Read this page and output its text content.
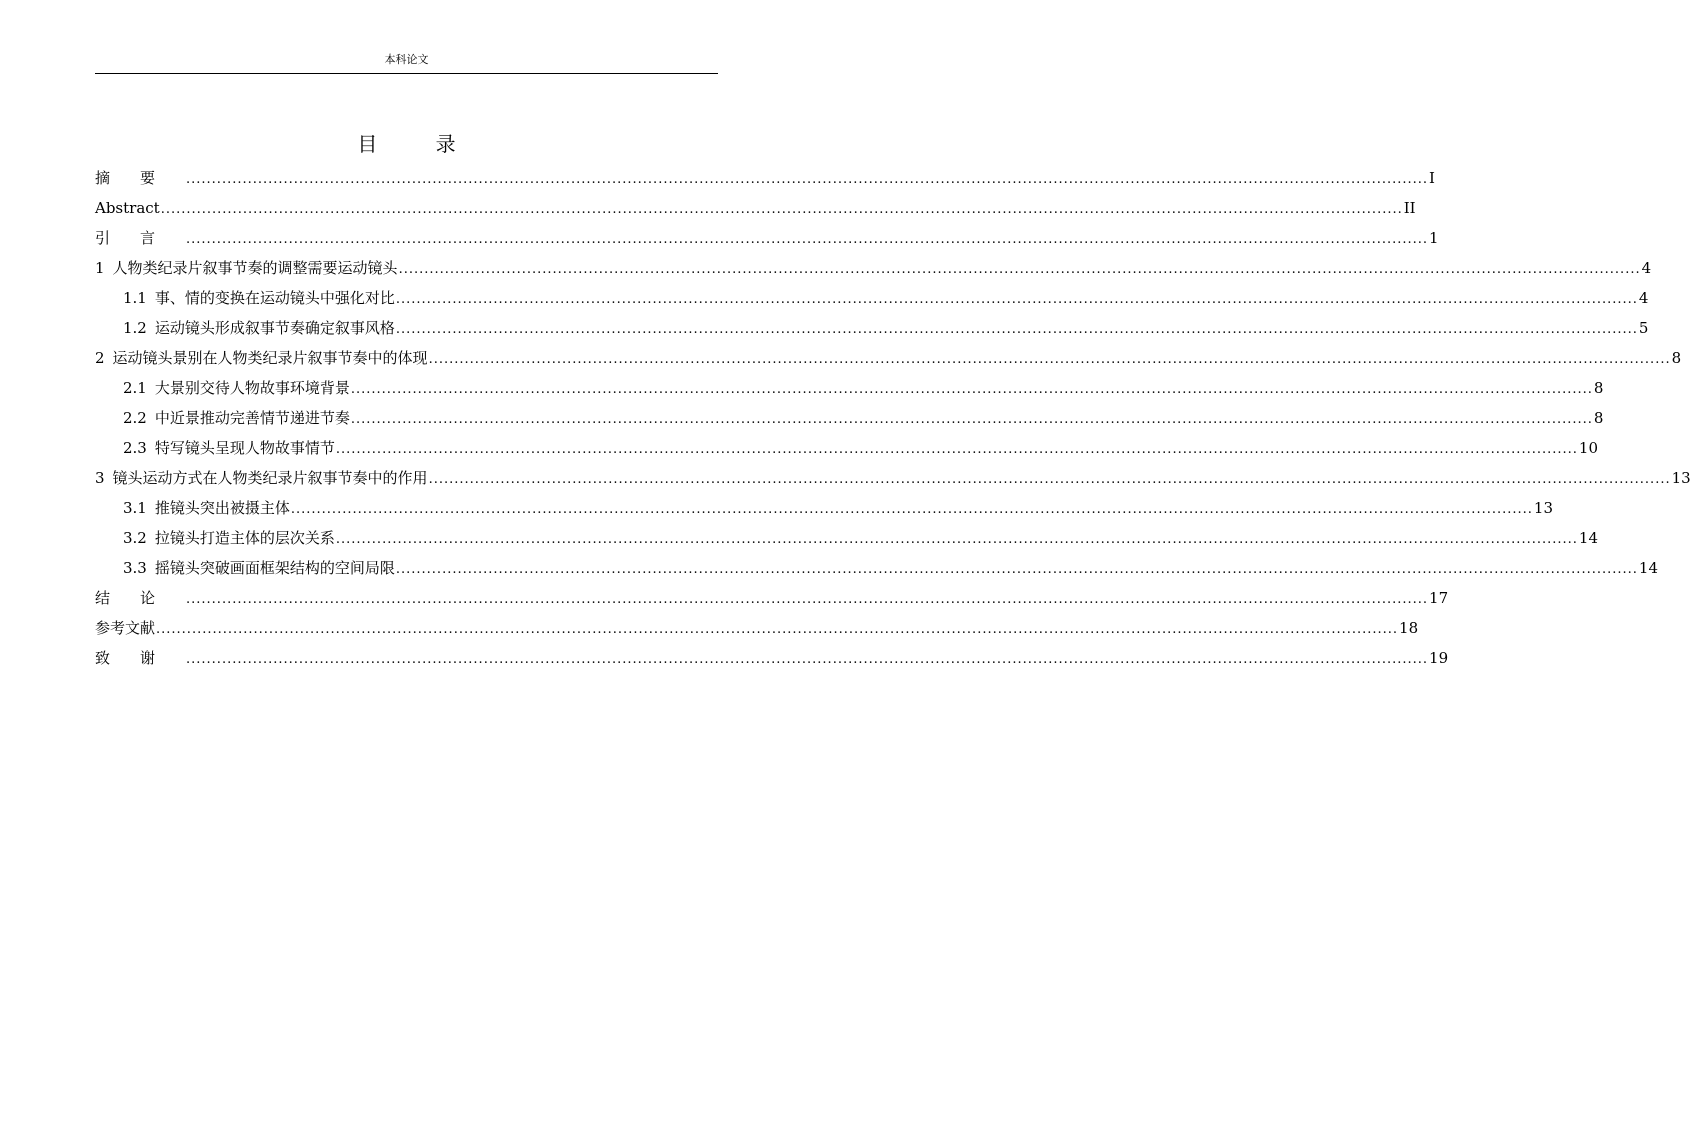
本科论文
目 录
摘要 .................................................................................................................................................................................................................................................. I
Abstract .................................................................................................................................................................................................................................................. II
引言 .................................................................................................................................................................................................................................................. 1
1 人物类纪录片叙事节奏的调整需要运动镜头 .................................................................................................................................................................................................................................................. 4
1.1 事、情的变换在运动镜头中强化对比 .................................................................................................................................................................................................................................................. 4
1.2 运动镜头形成叙事节奏确定叙事风格 .................................................................................................................................................................................................................................................. 5
2 运动镜头景别在人物类纪录片叙事节奏中的体现 .................................................................................................................................................................................................................................................. 8
2.1 大景别交待人物故事环境背景 .................................................................................................................................................................................................................................................. 8
2.2 中近景推动完善情节递进节奏 .................................................................................................................................................................................................................................................. 8
2.3 特写镜头呈现人物故事情节 .................................................................................................................................................................................................................................................. 10
3 镜头运动方式在人物类纪录片叙事节奏中的作用 .................................................................................................................................................................................................................................................. 13
3.1 推镜头突出被摄主体 .................................................................................................................................................................................................................................................. 13
3.2 拉镜头打造主体的层次关系 .................................................................................................................................................................................................................................................. 14
3.3 摇镜头突破画面框架结构的空间局限 .................................................................................................................................................................................................................................................. 14
结论 .................................................................................................................................................................................................................................................. 17
参考文献 .................................................................................................................................................................................................................................................. 18
致谢 .................................................................................................................................................................................................................................................. 19
